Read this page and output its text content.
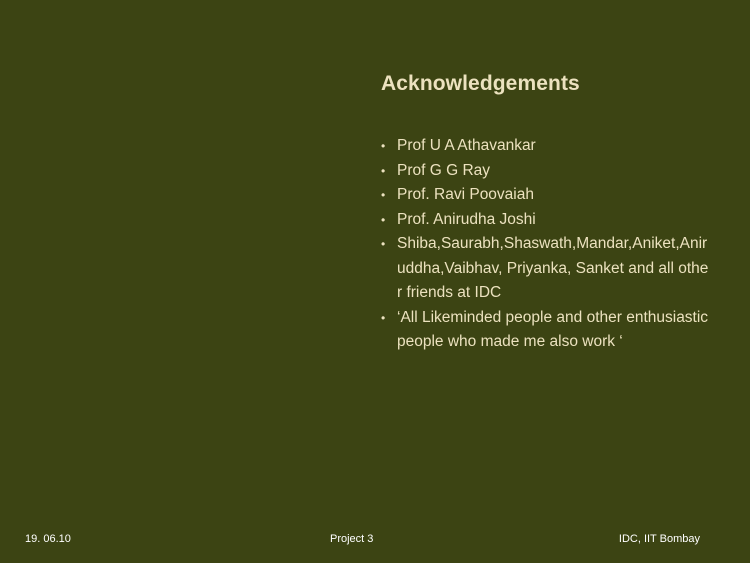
Acknowledgements
• Prof U A Athavankar
• Prof G G Ray
• Prof. Ravi Poovaiah
• Prof. Anirudha Joshi
• Shiba,Saurabh,Shaswath,Mandar,Aniket,Aniruddha,Vaibhav, Priyanka, Sanket and all other friends at IDC
• ‘All Likeminded people and other enthusiastic people who made me also work ‘
19. 06.10	Project 3	IDC, IIT Bombay
